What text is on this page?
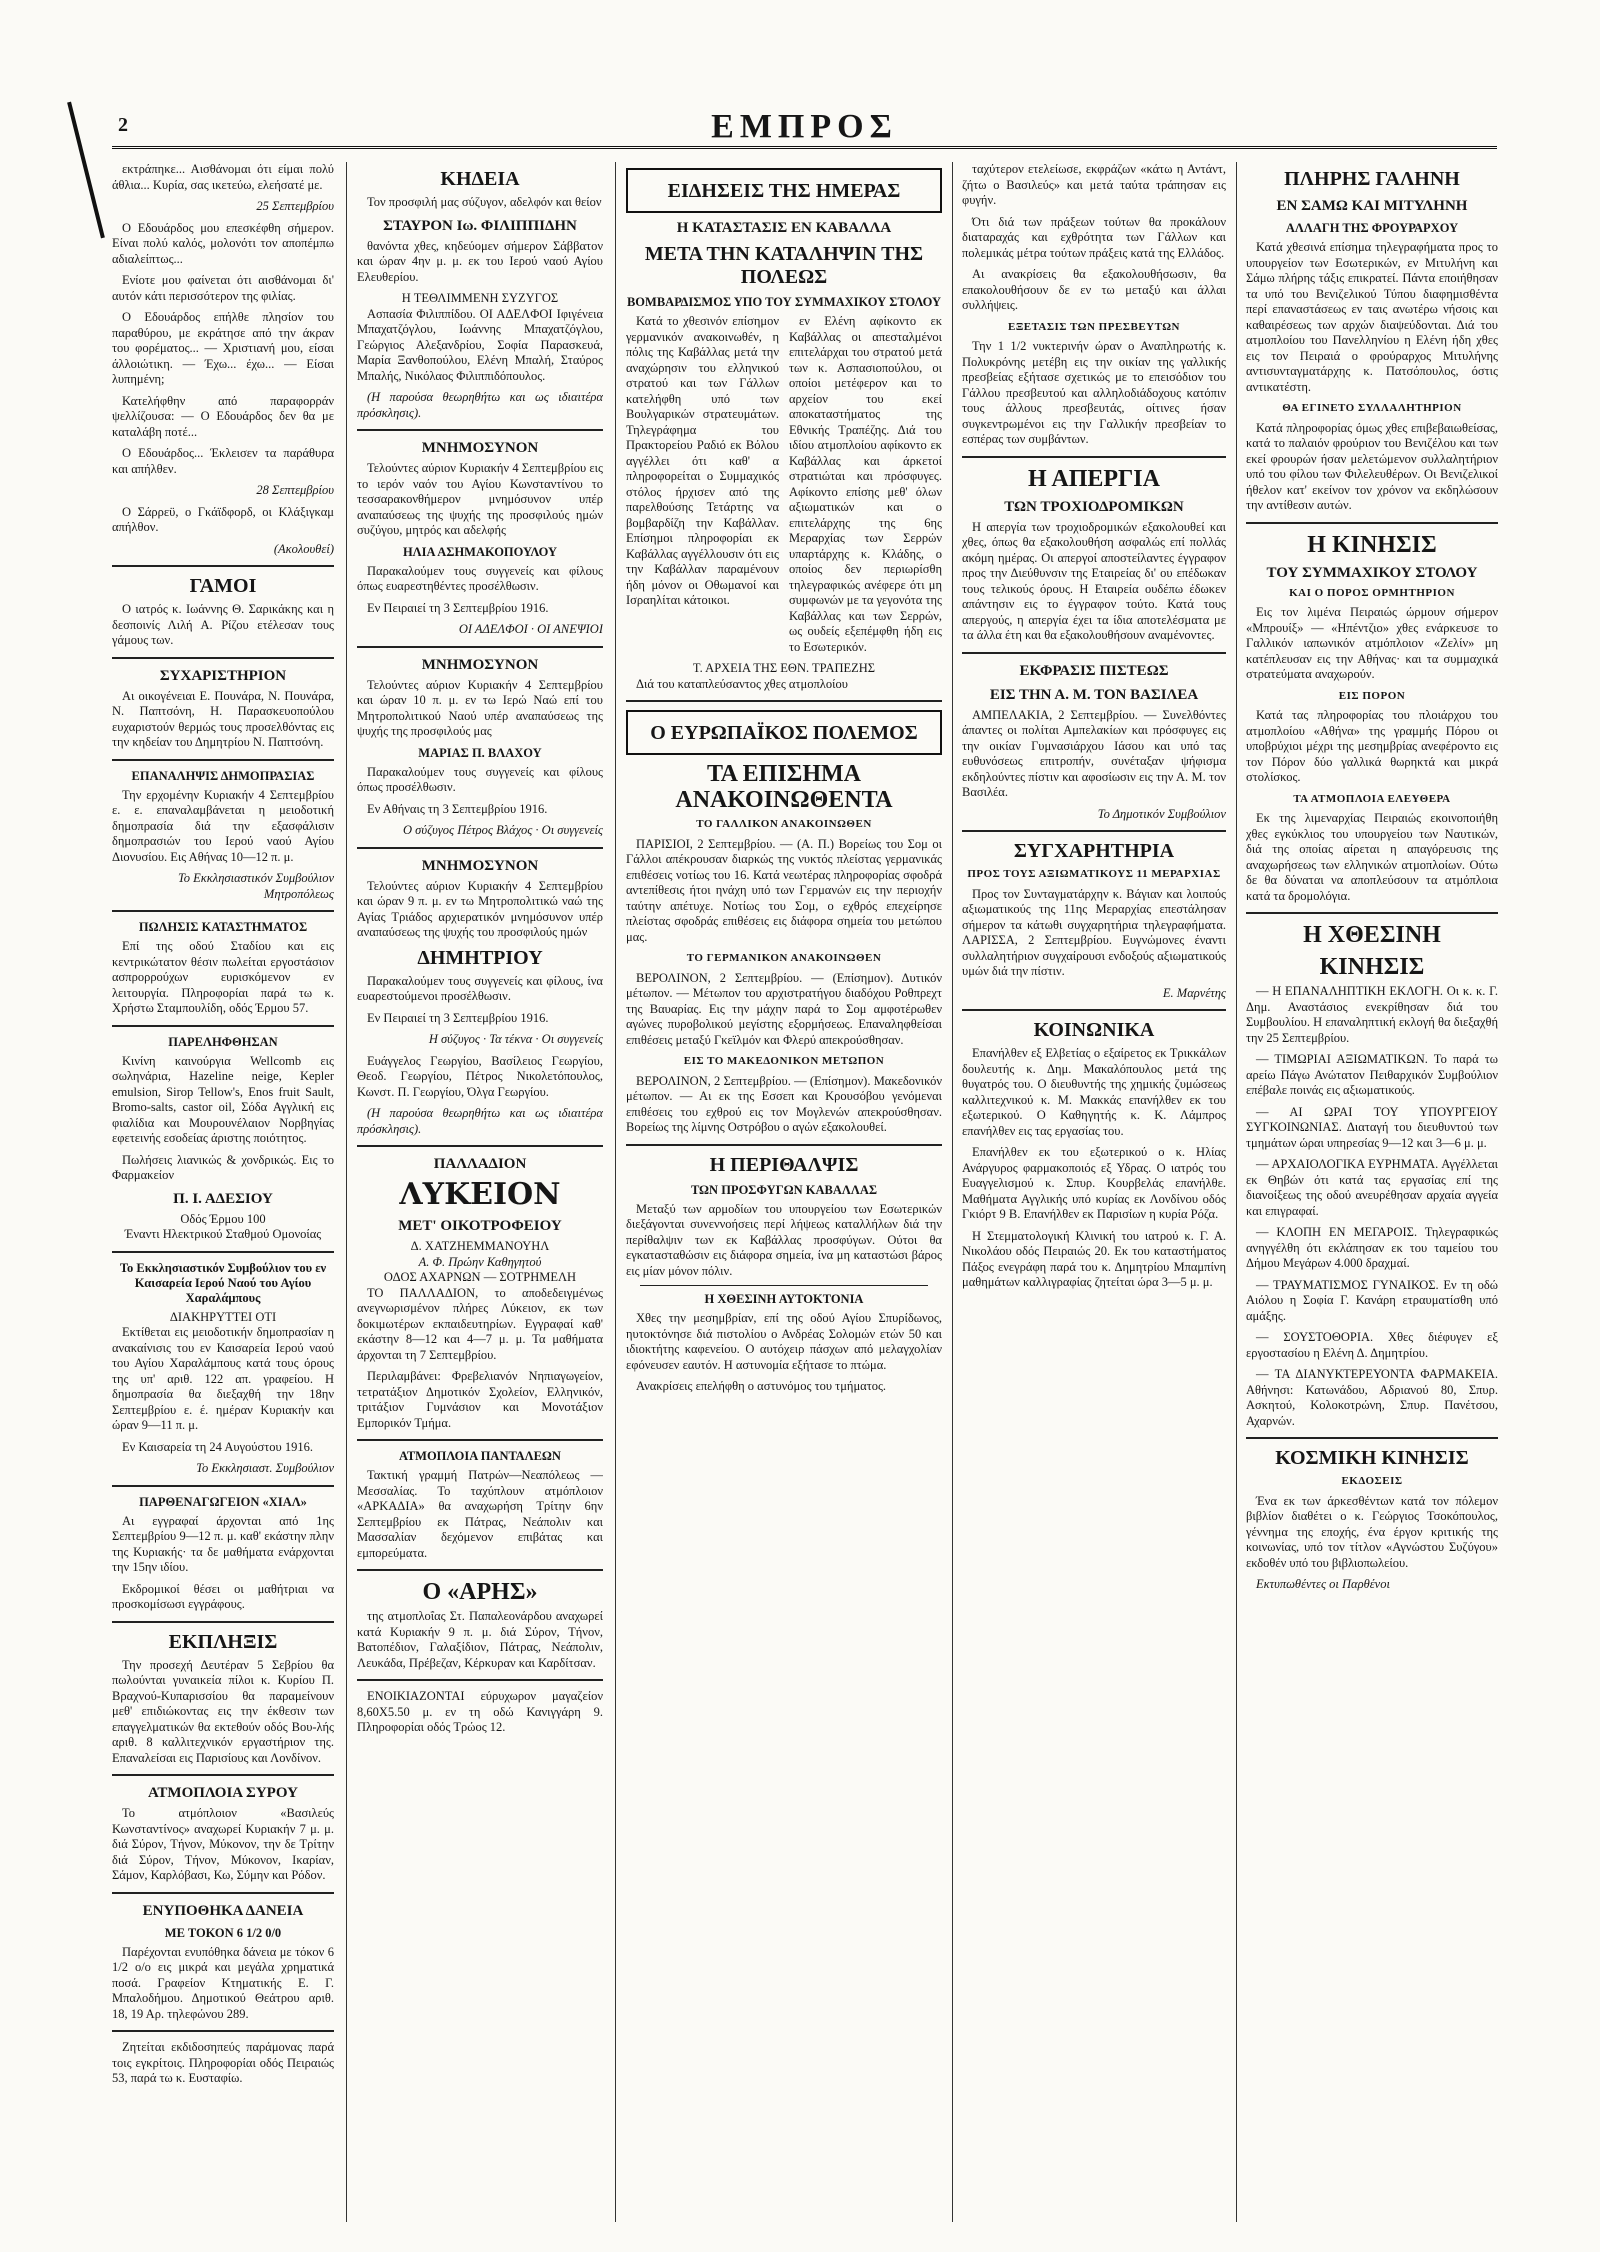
2	ΕΜΠΡΟΣ

εκτράπηκε... Αισθάνομαι ότι είμαι πολύ άθλια... Κυρία, σας ικετεύω, ελεήσατέ με.

25 Σεπτεμβρίου

Ο Εδουάρδος μου επεσκέφθη σήμερον. Είναι πολύ καλός, μολονότι τον αποπέμπω αδιαλείπτως...

Ενίοτε μου φαίνεται ότι αισθάνομαι δι' αυτόν κάτι περισσότερον της φιλίας.

Ο Εδουάρδος επήλθε πλησίον του παραθύρου, με εκράτησε από την άκραν του φορέματος... — Χριστιανή μου, είσαι άλλοιώτικη. — Έχω... έχω... — Είσαι λυπημένη;

Κατελήφθην από παραφορράν ψελλίζουσα: — Ο Εδουάρδος δεν θα με καταλάβη ποτέ...

Ο Εδουάρδος... Έκλεισεν τα παράθυρα και απήλθεν.

28 Σεπτεμβρίου

Ο Σάρρεϋ, ο Γκάϊδφορδ, οι Κλάξιγκαμ απήλθον.

(Ακολουθεί)
ΓΑΜΟΙ

Ο ιατρός κ. Ιωάννης Θ. Σαρικάκης και η δεσποινίς Λιλή Α. Ρίζου ετέλεσαν τους γάμους των.

ΣΥΧΑΡΙΣΤΗΡΙΟΝ

Αι οικογένειαι Ε. Πουνάρα, Ν. Πουνάρα, Ν. Παπτσόνη, Η. Παρασκευοπούλου ευχαριστούν θερμώς τους προσελθόντας εις την κηδείαν του Δημητρίου Ν. Παπτσόνη.

ΕΠΑΝΑΛΗΨΙΣ ΔΗΜΟΠΡΑΣΙΑΣ

Την ερχομένην Κυριακήν 4 Σεπτεμβρίου ε. ε. επαναλαμβάνεται η μειοδοτική δημοπρασία διά την εξασφάλισιν δημοπρασιών του Ιερού ναού Αγίου Διονυσίου. Εις Αθήνας 10—12 π. μ.

Το Εκκλησιαστικόν Συμβούλιον Μητροπόλεως
ΠΩΛΗΣΙΣ ΚΑΤΑΣΤΗΜΑΤΟΣ

Επί της οδού Σταδίου και εις κεντρικώτατον θέσιν πωλείται εργοστάσιον ασπρορρούχων ευρισκόμενον εν λειτουργία. Πληροφορίαι παρά τω κ. Χρήστω Σταμπουλίδη, οδός Έρμου 57.

ΠΑΡΕΛΗΦΘΗΣΑΝ

Κινίνη καινούργια Wellcomb εις σωληνάρια, Hazeline neige, Kepler emulsion, Sirop Tellow's, Enos fruit Sault, Bromo-salts, castor oil, Σόδα Αγγλική εις φιαλίδια και Μουρουνέλαιον Νορβηγίας εφετεινής εσοδείας άριστης ποιότητος.

Πωλήσεις λιανικώς & χονδρικώς. Εις το Φαρμακείον

Π. Ι. ΑΔΕΣΙΟΥ
Οδός Έρμου 100
Έναντι Ηλεκτρικού Σταθμού Ομονοίας
Το Εκκλησιαστικόν Συμβούλιον του εν Καισαρεία Ιερού Ναού του Αγίου Χαραλάμπους
ΔΙΑΚΗΡΥΤΤΕΙ ΟΤΙ

Εκτίθεται εις μειοδοτικήν δημοπρασίαν η ανακαίνισις του εν Καισαρεία Ιερού ναού του Αγίου Χαραλάμπους κατά τους όρους της υπ' αριθ. 122 απ. γραφείου. Η δημοπρασία θα διεξαχθή την 18ην Σεπτεμβρίου ε. έ. ημέραν Κυριακήν και ώραν 9—11 π. μ.

Εν Καισαρεία τη 24 Αυγούστου 1916.

Το Εκκλησιαστ. Συμβούλιον
ΠΑΡΘΕΝΑΓΩΓΕΙΟΝ «ΧΙΑΛ»

Αι εγγραφαί άρχονται από 1ης Σεπτεμβρίου 9—12 π. μ. καθ' εκάστην πλην της Κυριακής· τα δε μαθήματα ενάρχονται την 15ην ιδίου.

Εκδρομικοί θέσει οι μαθήτριαι να προσκομίσωσι εγγράφους.

ΕΚΠΛΗΞΙΣ

Την προσεχή Δευτέραν 5 Σεβρίου θα πωλούνται γυναικεία πίλοι κ. Κυρίου Π. Βραχνού-Κυπαρισσίου θα παραμείνουν μεθ' επιδιώκοντας εις την έκθεσιν των επαγγελματικών θα εκτεθούν οδός Βου-λής αριθ. 8 καλλιτεχνικόν εργαστήριον της. Επαναλείσαι εις Παρισίους και Λονδίνον.

ΑΤΜΟΠΛΟΙΑ ΣΥΡΟΥ

Το ατμόπλοιον «Βασιλεύς Κωνσταντίνος» αναχωρεί Κυριακήν 7 μ. μ. διά Σύρον, Τήνον, Μύκονον, την δε Τρίτην διά Σύρον, Τήνον, Μύκονον, Ικαρίαν, Σάμον, Καρλόβασι, Κω, Σύμην και Ρόδον.

ΕΝΥΠΟΘΗΚΑ ΔΑΝΕΙΑ
ΜΕ ΤΟΚΟΝ 6 1/2 0/0

Παρέχονται ενυπόθηκα δάνεια με τόκον 6 1/2 ο/ο εις μικρά και μεγάλα χρηματικά ποσά. Γραφείον Κτηματικής Ε. Γ. Μπαλοδήμου. Δημοτικού Θεάτρου αριθ. 18, 19 Αρ. τηλεφώνου 289.

Ζητείται εκδιδοσηπεύς παράμονας παρά τοις εγκρίτοις. Πληροφορίαι οδός Πειραιώς 53, παρά τω κ. Ευσταφίω.

ΚΗΔΕΙΑ

Τον προσφιλή μας σύζυγον, αδελφόν και θείον

ΣΤΑΥΡΟΝ Ιω. ΦΙΛΙΠΠΙΔΗΝ

θανόντα χθες, κηδεύομεν σήμερον Σάββατον και ώραν 4ην μ. μ. εκ του Ιερού ναού Αγίου Ελευθερίου.

Η ΤΕΘΛΙΜΜΕΝΗ ΣΥΖΥΓΟΣ

Ασπασία Φιλιππίδου. ΟΙ ΑΔΕΛΦΟΙ Ιφιγένεια Μπαχατζόγλου, Ιωάννης Μπαχατζόγλου, Γεώργιος Αλεξανδρίου, Σοφία Παρασκευά, Μαρία Ξανθοπούλου, Ελένη Μπαλή, Σταύρος Μπαλής, Νικόλαος Φιλιππιδόπουλος.

(Η παρούσα θεωρηθήτω και ως ιδιαιτέρα πρόσκλησις).

ΜΝΗΜΟΣΥΝΟΝ

Τελούντες αύριον Κυριακήν 4 Σεπτεμβρίου εις το ιερόν ναόν του Αγίου Κωνσταντίνου το τεσσαρακονθήμερον μνημόσυνον υπέρ αναπαύσεως της ψυχής της προσφιλούς ημών συζύγου, μητρός και αδελφής

ΗΛΙΑ ΑΣΗΜΑΚΟΠΟΥΛΟΥ

Παρακαλούμεν τους συγγενείς και φίλους όπως ευαρεστηθέντες προσέλθωσιν.

Εν Πειραιεί τη 3 Σεπτεμβρίου 1916.

ΟΙ ΑΔΕΛΦΟΙ · ΟΙ ΑΝΕΨΙΟΙ
ΜΝΗΜΟΣΥΝΟΝ

Τελούντες αύριον Κυριακήν 4 Σεπτεμβρίου και ώραν 10 π. μ. εν τω Ιερώ Ναώ επί του Μητροπολιτικού Ναού υπέρ αναπαύσεως της ψυχής της προσφιλούς μας

ΜΑΡΙΑΣ Π. ΒΛΑΧΟΥ

Παρακαλούμεν τους συγγενείς και φίλους όπως προσέλθωσιν.

Εν Αθήναις τη 3 Σεπτεμβρίου 1916.

Ο σύζυγος Πέτρος Βλάχος · Οι συγγενείς
ΜΝΗΜΟΣΥΝΟΝ

Τελούντες αύριον Κυριακήν 4 Σεπτεμβρίου και ώραν 9 π. μ. εν τω Μητροπολιτικώ ναώ της Αγίας Τριάδος αρχιερατικόν μνημόσυνον υπέρ αναπαύσεως της ψυχής του προσφιλούς ημών

ΔΗΜΗΤΡΙΟΥ

Παρακαλούμεν τους συγγενείς και φίλους, ίνα ευαρεστούμενοι προσέλθωσιν.

Εν Πειραιεί τη 3 Σεπτεμβρίου 1916.

Η σύζυγος · Τα τέκνα · Οι συγγενείς

Ευάγγελος Γεωργίου, Βασίλειος Γεωργίου, Θεοδ. Γεωργίου, Πέτρος Νικολετόπουλος, Κωνστ. Π. Γεωργίου, Όλγα Γεωργίου.

(Η παρούσα θεωρηθήτω και ως ιδιαιτέρα πρόσκλησις).

ΠΑΛΛΑΔΙΟΝ
ΛΥΚΕΙΟΝ
ΜΕΤ' ΟΙΚΟΤΡΟΦΕΙΟΥ
Δ. ΧΑΤΖΗΕΜΜΑΝΟΥΗΛ
Α. Φ. Πρώην Καθηγητού
ΟΔΟΣ ΑΧΑΡΝΩΝ — ΣΟΤΡΗΜΕΛΗ

ΤΟ ΠΑΛΛΑΔΙΟΝ, το αποδεδειγμένως ανεγνωρισμένον πλήρες Λύκειον, εκ των δοκιμωτέρων εκπαιδευτηρίων. Εγγραφαί καθ' εκάστην 8—12 και 4—7 μ. μ. Τα μαθήματα άρχονται τη 7 Σεπτεμβρίου.

Περιλαμβάνει: Φρεβελιανόν Νηπιαγωγείον, τετρατάξιον Δημοτικόν Σχολείον, Ελληνικόν, τριτάξιον Γυμνάσιον και Μονοτάξιον Εμπορικόν Τμήμα.

ΑΤΜΟΠΛΟΙΑ ΠΑΝΤΑΛΕΩΝ

Τακτική γραμμή Πατρών—Νεαπόλεως — Μεσσαλίας. Το ταχύπλουν ατμόπλοιον «ΑΡΚΑΔΙΑ» θα αναχωρήση Τρίτην 6ην Σεπτεμβρίου εκ Πάτρας, Νεάπολιν και Μασσαλίαν δεχόμενον επιβάτας και εμπορεύματα.

Ο «ΑΡΗΣ»

της ατμοπλοΐας Στ. Παπαλεονάρδου αναχωρεί κατά Κυριακήν 9 π. μ. διά Σύρον, Τήνον, Βατοπέδιον, Γαλαξίδιον, Πάτρας, Νεάπολιν, Λευκάδα, Πρέβεζαν, Κέρκυραν και Καρδίτσαν.

ΕΝΟΙΚΙΑΖΟΝΤΑΙ εύρυχωρον μαγαζείον 8,60Χ5.50 μ. εν τη οδώ Κανιγγάρη 9. Πληροφορίαι οδός Τρώος 12.

ΕΙΔΗΣΕΙΣ ΤΗΣ ΗΜΕΡΑΣ
Η ΚΑΤΑΣΤΑΣΙΣ ΕΝ ΚΑΒΑΛΛΑ
ΜΕΤΑ ΤΗΝ ΚΑΤΑΛΗΨΙΝ ΤΗΣ ΠΟΛΕΩΣ
ΒΟΜΒΑΡΔΙΣΜΟΣ ΥΠΟ ΤΟΥ ΣΥΜΜΑΧΙΚΟΥ ΣΤΟΛΟΥ

Κατά το χθεσινόν επίσημον γερμανικόν ανακοινωθέν, η πόλις της Καβάλλας μετά την αναχώρησιν του ελληνικού στρατού και των Γάλλων κατελήφθη υπό των Βουλγαρικών στρατευμάτων. Τηλεγράφημα του Πρακτορείου Ραδιό εκ Βόλου αγγέλλει ότι καθ' α πληροφορείται ο Συμμαχικός στόλος ήρχισεν από της παρελθούσης Τετάρτης να βομβαρδίζη την Καβάλλαν. Επίσημοι πληροφορίαι εκ Καβάλλας αγγέλλουσιν ότι εις την Καβάλλαν παραμένουν ήδη μόνον οι Οθωμανοί και Ισραηλίται κάτοικοι.

εν Ελένη αφίκοντο εκ Καβάλλας οι απεσταλμένοι επιτελάρχαι του στρατού μετά των κ. Ασπασιοπούλου, οι οποίοι μετέφερον και το αρχείον του εκεί αποκαταστήματος της Εθνικής Τραπέζης. Διά του ιδίου ατμοπλοίου αφίκοντο εκ Καβάλλας και άρκετοί στρατιώται και πρόσφυγες. Αφίκοντο επίσης μεθ' όλων αξιωματικών και ο επιτελάρχης της 6ης Μεραρχίας των Σερρών υπαρτάρχης κ. Κλάδης, ο οποίος δεν περιωρίσθη τηλεγραφικώς ανέφερε ότι μη συμφωνών με τα γεγονότα της Καβάλλας και των Σερρών, ως ουδείς εξεπέμφθη ήδη εις το Εσωτερικόν.

Τ. ΑΡΧΕΙΑ ΤΗΣ ΕΘΝ. ΤΡΑΠΕΖΗΣ

Διά του καταπλεύσαντος χθες ατμοπλοίου

Ο ΕΥΡΩΠΑΪΚΟΣ ΠΟΛΕΜΟΣ
ΤΑ ΕΠΙΣΗΜΑ ΑΝΑΚΟΙΝΩΘΕΝΤΑ
ΤΟ ΓΑΛΛΙΚΟΝ ΑΝΑΚΟΙΝΩΘΕΝ

ΠΑΡΙΣΙΟΙ, 2 Σεπτεμβρίου. — (Α. Π.) Βορείως του Σομ οι Γάλλοι απέκρουσαν διαρκώς της νυκτός πλείστας γερμανικάς επιθέσεις νοτίως του 16. Κατά νεωτέρας πληροφορίας σφοδρά αντεπίθεσις ήτοι ηνάχη υπό των Γερμανών εις την περιοχήν ταύτην απέτυχε. Νοτίως του Σομ, ο εχθρός επεχείρησε πλείστας σφοδράς επιθέσεις εις διάφορα σημεία του μετώπου μας.

ΤΟ ΓΕΡΜΑΝΙΚΟΝ ΑΝΑΚΟΙΝΩΘΕΝ

ΒΕΡΟΛΙΝΟΝ, 2 Σεπτεμβρίου. — (Επίσημον). Δυτικόν μέτωπον. — Μέτωπον του αρχιστρατήγου διαδόχου Ροθπρεχτ της Βαυαρίας. Εις την μάχην παρά το Σομ αμφοτέρωθεν αγώνες πυροβολικού μεγίστης εξορμήσεως. Επαναληφθείσαι επιθέσεις μεταξύ Γκεϊλμόν και Φλερύ απεκρούσθησαν.

ΕΙΣ ΤΟ ΜΑΚΕΔΟΝΙΚΟΝ ΜΕΤΩΠΟΝ

ΒΕΡΟΛΙΝΟΝ, 2 Σεπτεμβρίου. — (Επίσημον). Μακεδονικόν μέτωπον. — Αι εκ της Εσσεπ και Κρουσόβου γενόμεναι επιθέσεις του εχθρού εις τον Μογλενών απεκρούσθησαν. Βορείως της λίμνης Οστρόβου ο αγών εξακολουθεί.

Η ΠΕΡΙΘΑΛΨΙΣ
ΤΩΝ ΠΡΟΣΦΥΓΩΝ ΚΑΒΑΛΛΑΣ

Μεταξύ των αρμοδίων του υπουργείου των Εσωτερικών διεξάγονται συνεννοήσεις περί λήψεως καταλλήλων διά την περίθαλψιν των εκ Καβάλλας προσφύγων. Ούτοι θα εγκατασταθώσιν εις διάφορα σημεία, ίνα μη καταστώσι βάρος εις μίαν μόνον πόλιν.

Η ΧΘΕΣΙΝΗ ΑΥΤΟΚΤΟΝΙΑ

Χθες την μεσημβρίαν, επί της οδού Αγίου Σπυρίδωνος, ηυτοκτόνησε διά πιστολίου ο Ανδρέας Σολομών ετών 50 και ιδιοκτήτης καφενείου. Ο αυτόχειρ πάσχων από μελαγχολίαν εφόνευσεν εαυτόν. Η αστυνομία εξήτασε το πτώμα.

Ανακρίσεις επελήφθη ο αστυνόμος του τμήματος.

ταχύτερον ετελείωσε, εκφράζων «κάτω η Αντάντ, ζήτω ο Βασιλεύς» και μετά ταύτα τράπησαν εις φυγήν.

Ότι διά των πράξεων τούτων θα προκάλουν διαταραχάς και εχθρότητα των Γάλλων και πολεμικάς μέτρα τούτων πράξεις κατά της Ελλάδος.

Αι ανακρίσεις θα εξακολουθήσωσιν, θα επακολουθήσουν δε εν τω μεταξύ και άλλαι συλλήψεις.

ΕΞΕΤΑΣΙΣ ΤΩΝ ΠΡΕΣΒΕΥΤΩΝ

Την 1 1/2 νυκτερινήν ώραν ο Αναπληρωτής κ. Πολυκρόνης μετέβη εις την οικίαν της γαλλικής πρεσβείας εξήτασε σχετικώς με το επεισόδιον του Γάλλου πρεσβευτού και αλληλοδιάδοχους κατόπιν τους άλλους πρεσβευτάς, οίτινες ήσαν συγκεντρωμένοι εις την Γαλλικήν πρεσβείαν το εσπέρας των συμβάντων.

Η ΑΠΕΡΓΙΑ
ΤΩΝ ΤΡΟΧΙΟΔΡΟΜΙΚΩΝ

Η απεργία των τροχιοδρομικών εξακολουθεί και χθες, όπως θα εξακολουθήση ασφαλώς επί πολλάς ακόμη ημέρας. Οι απεργοί αποστείλαντες έγγραφον προς την Διεύθυνσιν της Εταιρείας δι' ου επέδωκαν τους τελικούς όρους. Η Εταιρεία ουδέπω έδωκεν απάντησιν εις το έγγραφον τούτο. Κατά τους απεργούς, η απεργία έχει τα ίδια αποτελέσματα με τα άλλα έτη και θα εξακολουθήσουν αναμένοντες.

ΕΚΦΡΑΣΙΣ ΠΙΣΤΕΩΣ
ΕΙΣ ΤΗΝ Α. Μ. ΤΟΝ ΒΑΣΙΛΕΑ

ΑΜΠΕΛΑΚΙΑ, 2 Σεπτεμβρίου. — Συνελθόντες άπαντες οι πολίται Αμπελακίων και πρόσφυγες εις την οικίαν Γυμνασιάρχου Ιάσου και υπό τας ευθυνόσεως επιτροπήν, συνέταξαν ψήφισμα εκδηλούντες πίστιν και αφοσίωσιν εις την Α. Μ. τον Βασιλέα.

Το Δημοτικόν Συμβούλιον
ΣΥΓΧΑΡΗΤΗΡΙΑ
ΠΡΟΣ ΤΟΥΣ ΑΞΙΩΜΑΤΙΚΟΥΣ 11 ΜΕΡΑΡΧΙΑΣ

Προς τον Συνταγματάρχην κ. Βάγιαν και λοιπούς αξιωματικούς της 11ης Μεραρχίας επεστάλησαν σήμερον τα κάτωθι συγχαρητήρια τηλεγραφήματα. ΛΑΡΙΣΣΑ, 2 Σεπτεμβρίου. Ευγνώμονες έναντι συλλαλητήριον συγχαίρουσι ενδοξούς αξιωματικούς υμών διά την πίστιν.

Ε. Μαρνέτης
ΚΟΙΝΩΝΙΚΑ

Επανήλθεν εξ Ελβετίας ο εξαίρετος εκ Τρικκάλων δουλευτής κ. Δημ. Μακαλόπουλος μετά της θυγατρός του. Ο διευθυντής της χημικής ζυμώσεως καλλιτεχνικού κ. Μ. Μακκάς επανήλθεν εκ του εξωτερικού. Ο Καθηγητής κ. Κ. Λάμπρος επανήλθεν εις τας εργασίας του.

Επανήλθεν εκ του εξωτερικού ο κ. Ηλίας Ανάργυρος φαρμακοποιός εξ Υδρας. Ο ιατρός του Ευαγγελισμού κ. Σπυρ. Κουρβελάς επανήλθε. Μαθήματα Αγγλικής υπό κυρίας εκ Λονδίνου οδός Γκιόρτ 9 Β. Επανήλθεν εκ Παρισίων η κυρία Ρόζα.

Η Στεμματολογική Κλινική του ιατρού κ. Γ. Α. Νικολάου οδός Πειραιώς 20. Εκ του καταστήματος Πάξος ενεγράφη παρά του κ. Δημητρίου Μπαμπίνη μαθημάτων καλλιγραφίας ζητείται ώρα 3—5 μ. μ.

ΠΛΗΡΗΣ ΓΑΛΗΝΗ
ΕΝ ΣΑΜΩ ΚΑΙ ΜΙΤΥΛΗΝΗ
ΑΛΛΑΓΗ ΤΗΣ ΦΡΟΥΡΑΡΧΟΥ

Κατά χθεσινά επίσημα τηλεγραφήματα προς το υπουργείον των Εσωτερικών, εν Μιτυλήνη και Σάμω πλήρης τάξις επικρατεί. Πάντα εποιήθησαν τα υπό του Βενιζελικού Τύπου διαφημισθέντα περί επαναστάσεως εν ταις ανωτέρω νήσοις και καθαιρέσεως των αρχών διαψεύδονται. Διά του ατμοπλοίου του Πανελληνίου η Ελένη ήδη χθες εις τον Πειραιά ο φρούραρχος Μιτυλήνης αντισυνταγματάρχης κ. Πατσόπουλος, όστις αντικατέστη.

ΘΑ ΕΓΙΝΕΤΟ ΣΥΛΛΑΛΗΤΗΡΙΟΝ

Κατά πληροφορίας όμως χθες επιβεβαιωθείσας, κατά το παλαιόν φρούριον του Βενιζέλου και των εκεί φρουρών ήσαν μελετώμενον συλλαλητήριον υπό του φίλου των Φιλελευθέρων. Οι Βενιζελικοί ήθελον κατ' εκείνον τον χρόνον να εκδηλώσουν την αντίθεσιν αυτών.

Η ΚΙΝΗΣΙΣ
ΤΟΥ ΣΥΜΜΑΧΙΚΟΥ ΣΤΟΛΟΥ
ΚΑΙ Ο ΠΟΡΟΣ ΟΡΜΗΤΗΡΙΟΝ

Εις τον λιμένα Πειραιώς ώρμουν σήμερον «Μπρουίξ» — «Ηπέντζιο» χθες ενάρκευσε το Γαλλικόν ιαπωνικόν ατμόπλοιον «Ζελίν» μη κατέπλευσαν εις την Αθήνας· και τα συμμαχικά στρατεύματα αναχωρούν.

ΕΙΣ ΠΟΡΟΝ

Κατά τας πληροφορίας του πλοιάρχου του ατμοπλοίου «Αθήνα» της γραμμής Πόρου οι υποβρύχιοι μέχρι της μεσημβρίας ανεφέροντο εις τον Πόρον δύο γαλλικά θωρηκτά και μικρά στολίσκος.

ΤΑ ΑΤΜΟΠΛΟΙΑ ΕΛΕΥΘΕΡΑ

Εκ της λιμεναρχίας Πειραιώς εκοινοποιήθη χθες εγκύκλιος του υπουργείου των Ναυτικών, διά της οποίας αίρεται η απαγόρευσις της αναχωρήσεως των ελληνικών ατμοπλοίων. Ούτω δε θα δύναται να αποπλεύσουν τα ατμόπλοια κατά τα δρομολόγια.

Η ΧΘΕΣΙΝΗ
ΚΙΝΗΣΙΣ

— Η ΕΠΑΝΑΛΗΠΤΙΚΗ ΕΚΛΟΓΗ. Οι κ. κ. Γ. Δημ. Αναστάσιος ενεκρίθησαν διά του Συμβουλίου. Η επαναληπτική εκλογή θα διεξαχθή την 25 Σεπτεμβρίου.

— ΤΙΜΩΡΙΑΙ ΑΞΙΩΜΑΤΙΚΩΝ. Το παρά τω αρείω Πάγω Ανώτατον Πειθαρχικόν Συμβούλιον επέβαλε ποινάς εις αξιωματικούς.

— ΑΙ ΩΡΑΙ ΤΟΥ ΥΠΟΥΡΓΕΙΟΥ ΣΥΓΚΟΙΝΩΝΙΑΣ. Διαταγή του διευθυντού των τμημάτων ώραι υπηρεσίας 9—12 και 3—6 μ. μ.

— ΑΡΧΑΙΟΛΟΓΙΚΑ ΕΥΡΗΜΑΤΑ. Αγγέλλεται εκ Θηβών ότι κατά τας εργασίας επί της διανοίξεως της οδού ανευρέθησαν αρχαία αγγεία και επιγραφαί.

— ΚΛΟΠΗ ΕΝ ΜΕΓΑΡΟΙΣ. Τηλεγραφικώς ανηγγέλθη ότι εκλάπησαν εκ του ταμείου του Δήμου Μεγάρων 4.000 δραχμαί.

— ΤΡΑΥΜΑΤΙΣΜΟΣ ΓΥΝΑΙΚΟΣ. Εν τη οδώ Αιόλου η Σοφία Γ. Κανάρη ετραυματίσθη υπό αμάξης.

— ΣΟΥΣΤΟΘΟΡΙΑ. Χθες διέφυγεν εξ εργοστασίου η Ελένη Δ. Δημητρίου.

— ΤΑ ΔΙΑΝΥΚΤΕΡΕΥΟΝΤΑ ΦΑΡΜΑΚΕΙΑ. Αθήνησι: Κατωνάδου, Αδριανού 80, Σπυρ. Ασκητού, Κολοκοτρώνη, Σπυρ. Πανέτσου, Αχαρνών.

ΚΟΣΜΙΚΗ ΚΙΝΗΣΙΣ
ΕΚΔΟΣΕΙΣ

Ένα εκ των άρκεσθέντων κατά τον πόλεμον βιβλίον διαθέτει ο κ. Γεώργιος Τσοκόπουλος, γέννημα της εποχής, ένα έργον κριτικής της κοινωνίας, υπό τον τίτλον «Αγνώστου Συζύγου» εκδοθέν υπό του βιβλιοπωλείου.

Εκτυπωθέντες οι Παρθένοι
